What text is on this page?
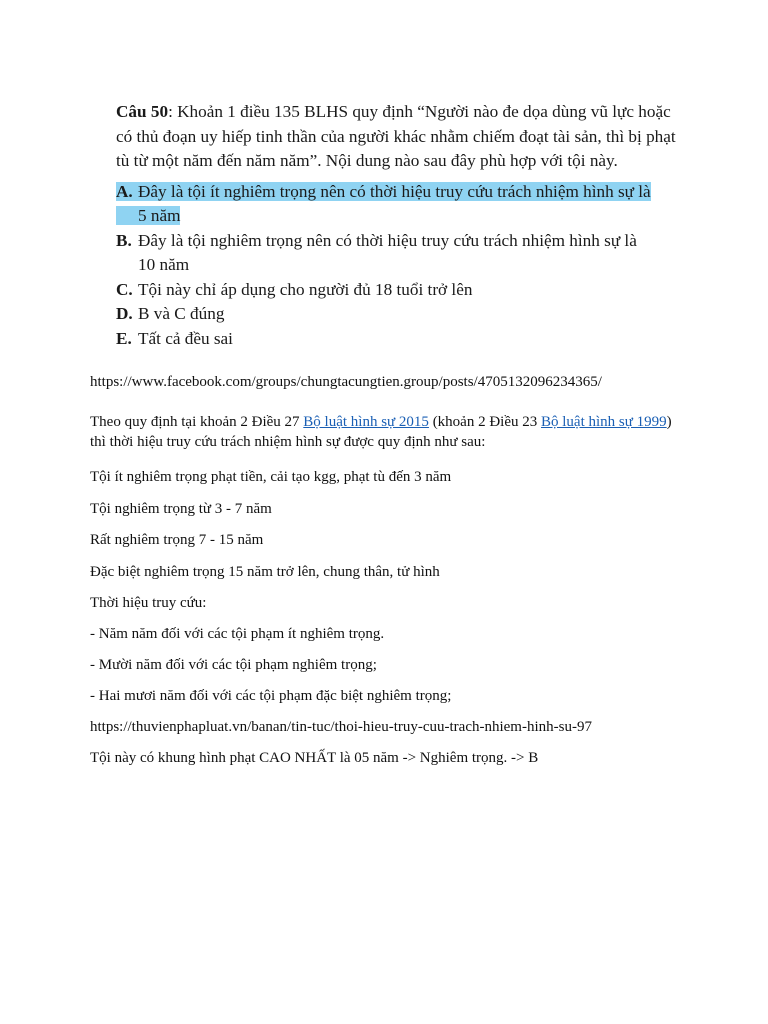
Câu 50: Khoản 1 điều 135 BLHS quy định “Người nào đe dọa dùng vũ lực hoặc có thủ đoạn uy hiếp tinh thần của người khác nhằm chiếm đoạt tài sản, thì bị phạt tù từ một năm đến năm năm”. Nội dung nào sau đây phù hợp với tội này.

A. Đây là tội ít nghiêm trọng nên có thời hiệu truy cứu trách nhiệm hình sự là
5 năm
B. Đây là tội nghiêm trọng nên có thời hiệu truy cứu trách nhiệm hình sự là
10 năm
C. Tội này chỉ áp dụng cho người đủ 18 tuổi trở lên
D. B và C đúng
E. Tất cả đều sai

https://www.facebook.com/groups/chungtacungtien.group/posts/4705132096234365/

Theo quy định tại khoản 2 Điều 27 Bộ luật hình sự 2015 (khoản 2 Điều 23 Bộ luật hình sự 1999) thì thời hiệu truy cứu trách nhiệm hình sự được quy định như sau:

Tội ít nghiêm trọng phạt tiền, cải tạo kgg, phạt tù đến 3 năm

Tội nghiêm trọng từ 3 - 7 năm

Rất nghiêm trọng 7 - 15 năm

Đặc biệt nghiêm trọng 15 năm trở lên, chung thân, tử hình

Thời hiệu truy cứu:

- Năm năm đối với các tội phạm ít nghiêm trọng.

- Mười năm đối với các tội phạm nghiêm trọng;

- Hai mươi năm đối với các tội phạm đặc biệt nghiêm trọng;

https://thuvienphapluat.vn/banan/tin-tuc/thoi-hieu-truy-cuu-trach-nhiem-hinh-su-97

Tội này có khung hình phạt CAO NHẤT là 05 năm -> Nghiêm trọng. -> B
